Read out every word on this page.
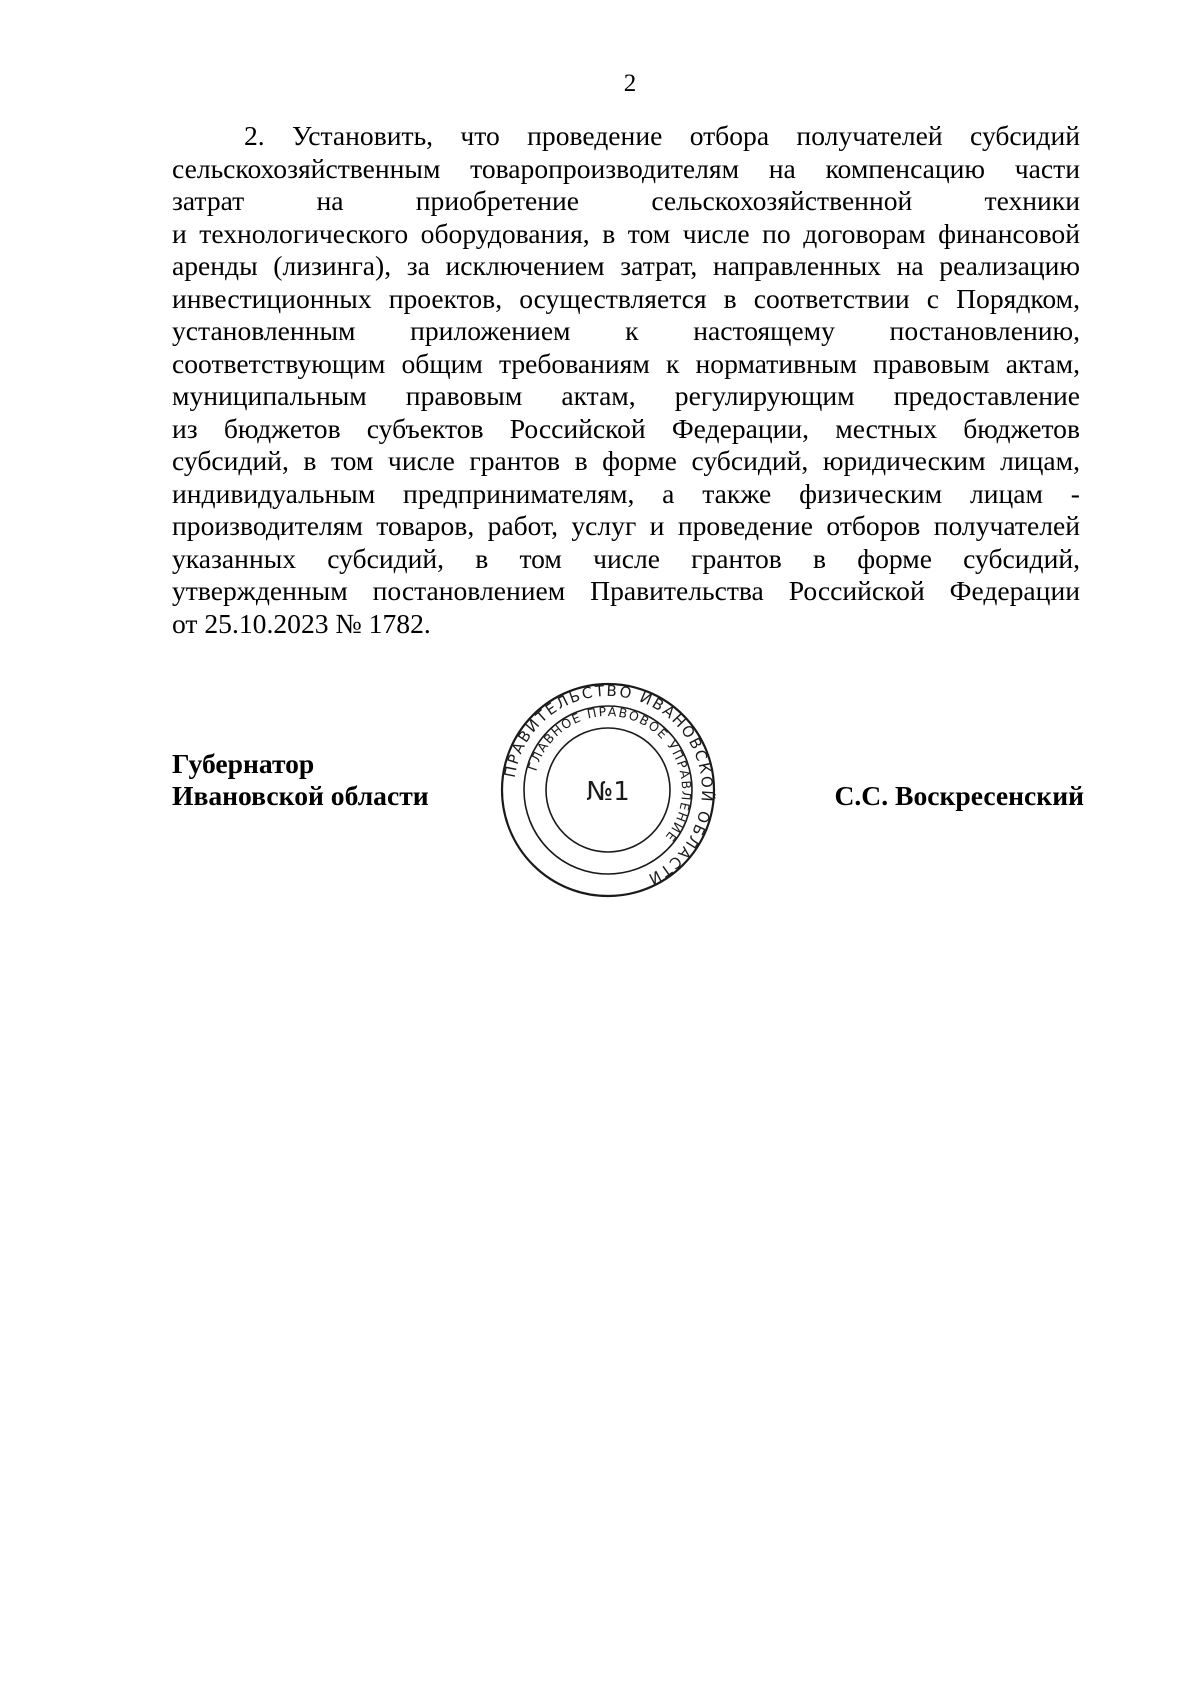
2
2. Установить, что проведение отбора получателей субсидий
сельскохозяйственным товаропроизводителям на компенсацию части
затрат на приобретение сельскохозяйственной техники
и технологического оборудования, в том числе по договорам финансовой
аренды (лизинга), за исключением затрат, направленных на реализацию
инвестиционных проектов, осуществляется в соответствии с Порядком,
установленным приложением к настоящему постановлению,
соответствующим общим требованиям к нормативным правовым актам,
муниципальным правовым актам, регулирующим предоставление
из бюджетов субъектов Российской Федерации, местных бюджетов
субсидий, в том числе грантов в форме субсидий, юридическим лицам,
индивидуальным предпринимателям, а также физическим лицам -
производителям товаров, работ, услуг и проведение отборов получателей
указанных субсидий, в том числе грантов в форме субсидий,
утвержденным постановлением Правительства Российской Федерации
от 25.10.2023 № 1782.
Губернатор
Ивановской области	С.С. Воскресенский
ПРАВИТЕЛЬСТВО ИВАНОВСКОЙ ОБЛАСТИ
ГЛАВНОЕ ПРАВОВОЕ УПРАВЛЕНИЕ
№1
